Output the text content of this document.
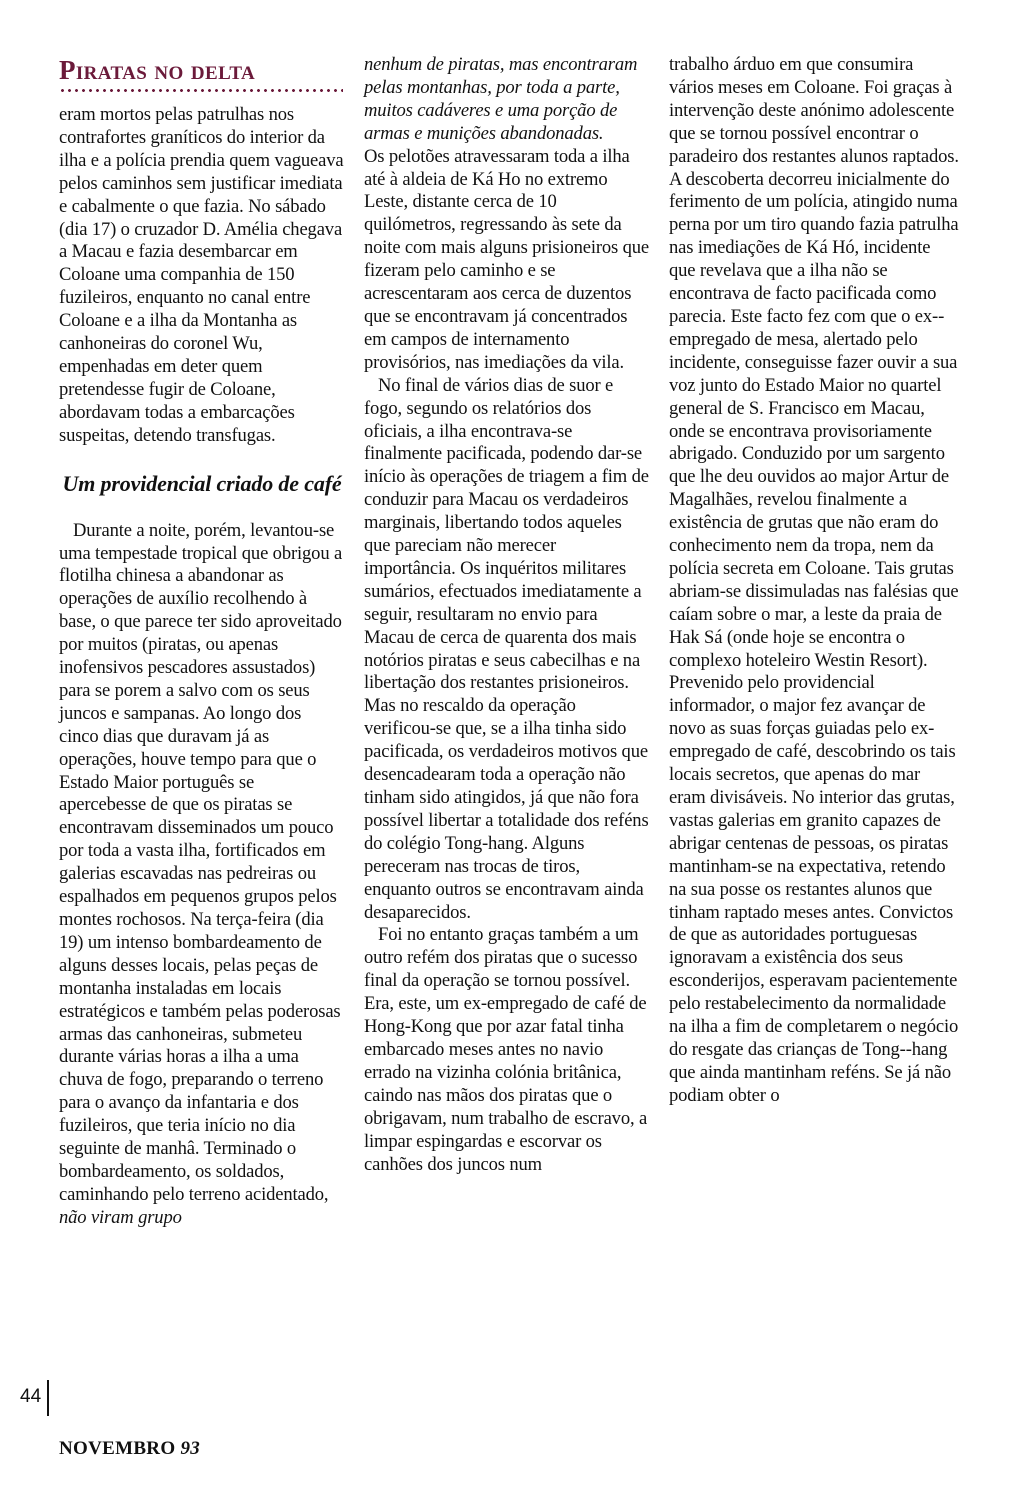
Piratas no delta

eram mortos pelas patrulhas nos contrafortes graníticos do interior da ilha e a polícia prendia quem vagueava pelos caminhos sem justificar imediata e cabalmente o que fazia. No sábado (dia 17) o cruzador D. Amélia chegava a Macau e fazia desembarcar em Coloane uma companhia de 150 fuzileiros, enquanto no canal entre Coloane e a ilha da Montanha as canhoneiras do coronel Wu, empenhadas em deter quem pretendesse fugir de Coloane, abordavam todas a embarcações suspeitas, detendo transfugas.

Um providencial criado de café

Durante a noite, porém, levantou-se uma tempestade tropical que obrigou a flotilha chinesa a abandonar as operações de auxílio recolhendo à base, o que parece ter sido aproveitado por muitos (piratas, ou apenas inofensivos pescadores assustados) para se porem a salvo com os seus juncos e sampanas. Ao longo dos cinco dias que duravam já as operações, houve tempo para que o Estado Maior português se apercebesse de que os piratas se encontravam disseminados um pouco por toda a vasta ilha, fortificados em galerias escavadas nas pedreiras ou espalhados em pequenos grupos pelos montes rochosos. Na terça-feira (dia 19) um intenso bombardeamento de alguns desses locais, pelas peças de montanha instaladas em locais estratégicos e também pelas poderosas armas das canhoneiras, submeteu durante várias horas a ilha a uma chuva de fogo, preparando o terreno para o avanço da infantaria e dos fuzileiros, que teria início no dia seguinte de manhâ. Terminado o bombardeamento, os soldados, caminhando pelo terreno acidentado, não viram grupo

nenhum de piratas, mas encontraram pelas montanhas, por toda a parte, muitos cadáveres e uma porção de armas e munições abandonadas.

Os pelotões atravessaram toda a ilha até à aldeia de Ká Ho no extremo Leste, distante cerca de 10 quilómetros, regressando às sete da noite com mais alguns prisioneiros que fizeram pelo caminho e se acrescentaram aos cerca de duzentos que se encontravam já concentrados em campos de internamento provisórios, nas imediações da vila.

No final de vários dias de suor e fogo, segundo os relatórios dos oficiais, a ilha encontrava-se finalmente pacificada, podendo dar-se início às operações de triagem a fim de conduzir para Macau os verdadeiros marginais, libertando todos aqueles que pareciam não merecer importância. Os inquéritos militares sumários, efectuados imediatamente a seguir, resultaram no envio para Macau de cerca de quarenta dos mais notórios piratas e seus cabecilhas e na libertação dos restantes prisioneiros. Mas no rescaldo da operação verificou-se que, se a ilha tinha sido pacificada, os verdadeiros motivos que desencadearam toda a operação não tinham sido atingidos, já que não fora possível libertar a totalidade dos reféns do colégio Tong-hang. Alguns pereceram nas trocas de tiros, enquanto outros se encontravam ainda desaparecidos.

Foi no entanto graças também a um outro refém dos piratas que o sucesso final da operação se tornou possível. Era, este, um ex-empregado de café de Hong-Kong que por azar fatal tinha embarcado meses antes no navio errado na vizinha colónia britânica, caindo nas mãos dos piratas que o obrigavam, num trabalho de escravo, a limpar espingardas e escorvar os canhões dos juncos num

trabalho árduo em que consumira vários meses em Coloane. Foi graças à intervenção deste anónimo adolescente que se tornou possível encontrar o paradeiro dos restantes alunos raptados. A descoberta decorreu inicialmente do ferimento de um polícia, atingido numa perna por um tiro quando fazia patrulha nas imediações de Ká Hó, incidente que revelava que a ilha não se encontrava de facto pacificada como parecia. Este facto fez com que o ex--empregado de mesa, alertado pelo incidente, conseguisse fazer ouvir a sua voz junto do Estado Maior no quartel general de S. Francisco em Macau, onde se encontrava provisoriamente abrigado. Conduzido por um sargento que lhe deu ouvidos ao major Artur de Magalhães, revelou finalmente a existência de grutas que não eram do conhecimento nem da tropa, nem da polícia secreta em Coloane. Tais grutas abriam-se dissimuladas nas falésias que caíam sobre o mar, a leste da praia de Hak Sá (onde hoje se encontra o complexo hoteleiro Westin Resort). Prevenido pelo providencial informador, o major fez avançar de novo as suas forças guiadas pelo ex-empregado de café, descobrindo os tais locais secretos, que apenas do mar eram divisáveis. No interior das grutas, vastas galerias em granito capazes de abrigar centenas de pessoas, os piratas mantinham-se na expectativa, retendo na sua posse os restantes alunos que tinham raptado meses antes. Convictos de que as autoridades portuguesas ignoravam a existência dos seus esconderijos, esperavam pacientemente pelo restabelecimento da normalidade na ilha a fim de completarem o negócio do resgate das crianças de Tong--hang que ainda mantinham reféns. Se já não podiam obter o

44
NOVEMBRO 93
